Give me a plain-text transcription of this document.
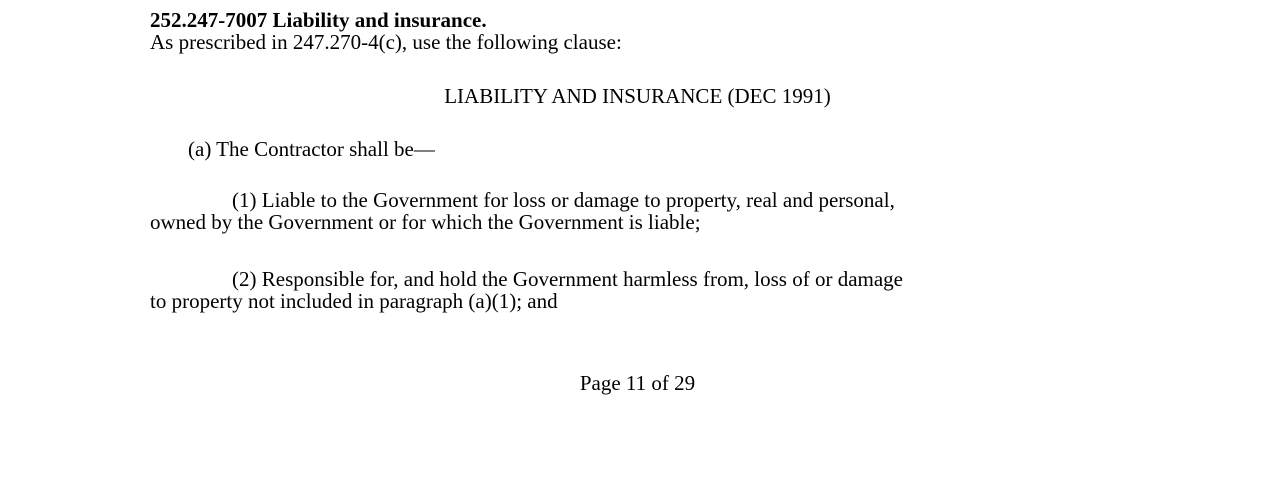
252.247-7007 Liability and insurance.
As prescribed in 247.270-4(c), use the following clause:
LIABILITY AND INSURANCE (DEC 1991)
(a) The Contractor shall be—
(1) Liable to the Government for loss or damage to property, real and personal,
owned by the Government or for which the Government is liable;
(2) Responsible for, and hold the Government harmless from, loss of or damage
to property not included in paragraph (a)(1); and
Page 11 of 29
